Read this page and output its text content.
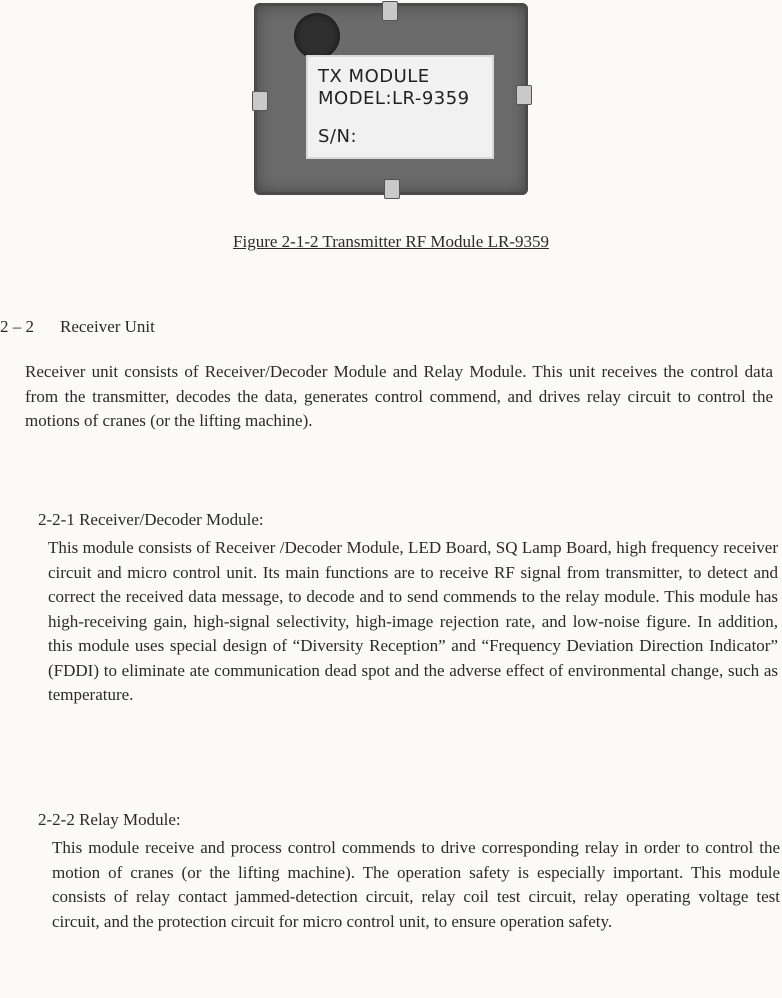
TX MODULE
MODEL:LR-9359
S/N:
Figure 2-1-2 Transmitter RF Module LR-9359
2 – 2 Receiver Unit

Receiver unit consists of Receiver/Decoder Module and Relay Module. This unit receives the control data from the transmitter, decodes the data, generates control commend, and drives relay circuit to control the motions of cranes (or the lifting machine).

2-2-1 Receiver/Decoder Module:

This module consists of Receiver /Decoder Module, LED Board, SQ Lamp Board, high frequency receiver circuit and micro control unit. Its main functions are to receive RF signal from transmitter, to detect and correct the received data message, to decode and to send commends to the relay module. This module has high-receiving gain, high-signal selectivity, high-image rejection rate, and low-noise figure. In addition, this module uses special design of “Diversity Reception” and “Frequency Deviation Direction Indicator” (FDDI) to eliminate ate communication dead spot and the adverse effect of environmental change, such as temperature.

2-2-2 Relay Module:

This module receive and process control commends to drive corresponding relay in order to control the motion of cranes (or the lifting machine). The operation safety is especially important. This module consists of relay contact jammed-detection circuit, relay coil test circuit, relay operating voltage test circuit, and the protection circuit for micro control unit, to ensure operation safety.
